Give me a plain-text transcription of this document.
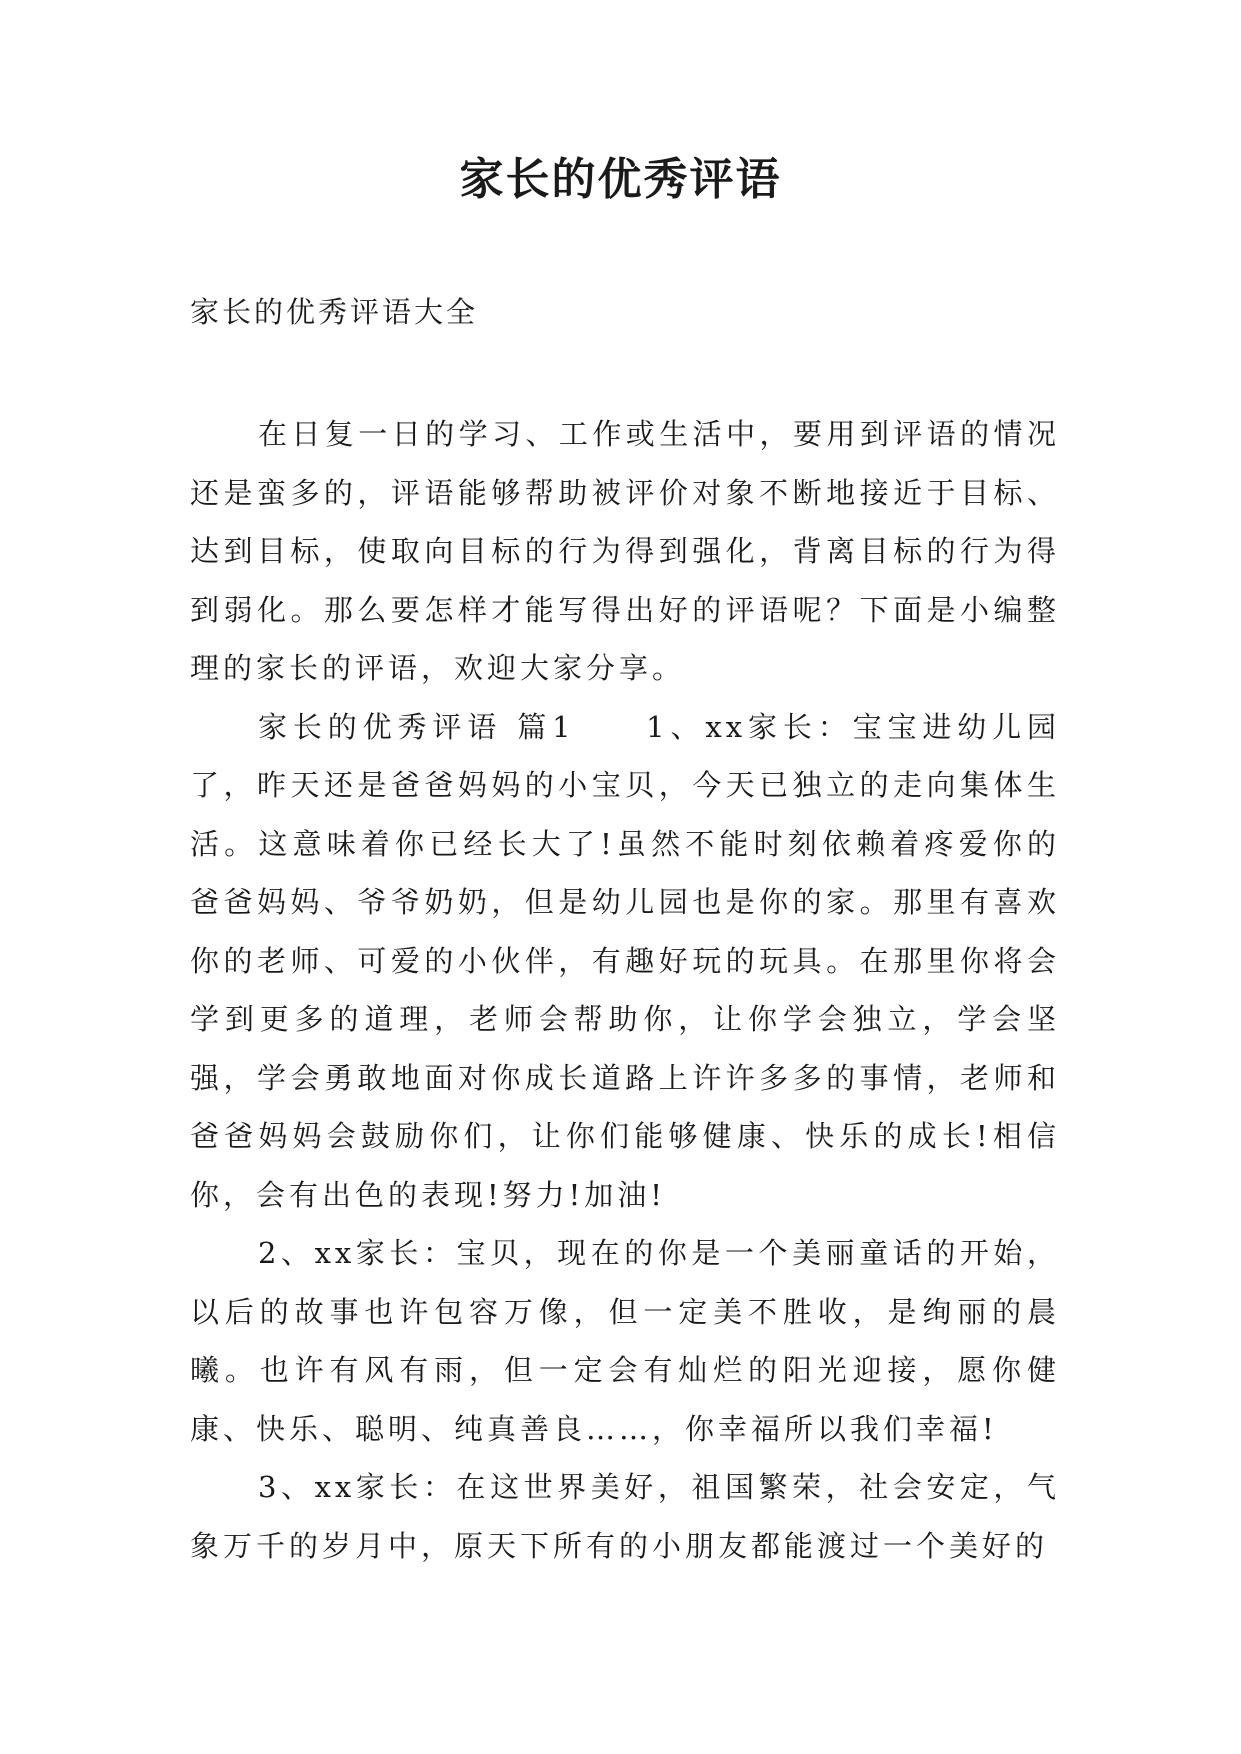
家长的优秀评语
家长的优秀评语大全

在日复一日的学习、工作或生活中，要用到评语的情况还是蛮多的，评语能够帮助被评价对象不断地接近于目标、达到目标，使取向目标的行为得到强化，背离目标的行为得到弱化。那么要怎样才能写得出好的评语呢？下面是小编整理的家长的评语，欢迎大家分享。

家长的优秀评语 篇1　　1、xx家长：宝宝进幼儿园了，昨天还是爸爸妈妈的小宝贝，今天已独立的走向集体生活。这意味着你已经长大了!虽然不能时刻依赖着疼爱你的爸爸妈妈、爷爷奶奶，但是幼儿园也是你的家。那里有喜欢你的老师、可爱的小伙伴，有趣好玩的玩具。在那里你将会学到更多的道理，老师会帮助你，让你学会独立，学会坚强，学会勇敢地面对你成长道路上许许多多的事情，老师和爸爸妈妈会鼓励你们，让你们能够健康、快乐的成长!相信你，会有出色的表现!努力!加油!

2、xx家长：宝贝，现在的你是一个美丽童话的开始，以后的故事也许包容万像，但一定美不胜收，是绚丽的晨曦。也许有风有雨，但一定会有灿烂的阳光迎接，愿你健康、快乐、聪明、纯真善良……，你幸福所以我们幸福!

3、xx家长：在这世界美好，祖国繁荣，社会安定，气象万千的岁月中，原天下所有的小朋友都能渡过一个美好的
